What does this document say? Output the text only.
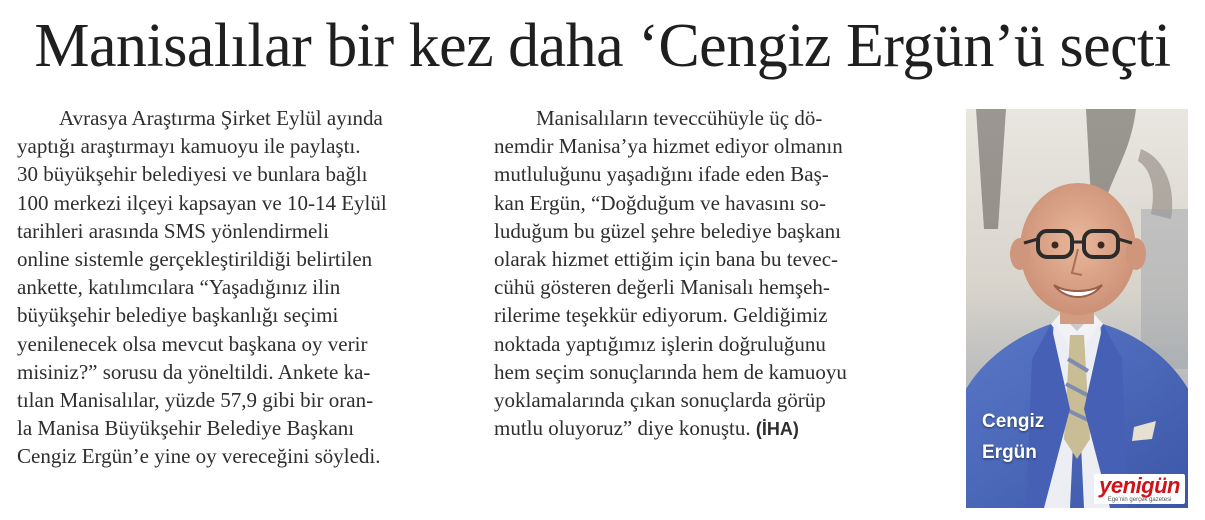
Manisalılar bir kez daha ‘Cengiz Ergün’ü seçti
Avrasya Araştırma Şirket Eylül ayında
yaptığı araştırmayı kamuoyu ile paylaştı.
30 büyükşehir belediyesi ve bunlara bağlı
100 merkezi ilçeyi kapsayan ve 10-14 Eylül
tarihleri arasında SMS yönlendirmeli
online sistemle gerçekleştirildiği belirtilen
ankette, katılımcılara “Yaşadığınız ilin
büyükşehir belediye başkanlığı seçimi
yenilenecek olsa mevcut başkana oy verir
misiniz?” sorusu da yöneltildi. Ankete ka-
tılan Manisalılar, yüzde 57,9 gibi bir oran-
la Manisa Büyükşehir Belediye Başkanı
Cengiz Ergün’e yine oy vereceğini söyledi.
Manisalıların teveccühüyle üç dö-
nemdir Manisa’ya hizmet ediyor olmanın
mutluluğunu yaşadığını ifade eden Baş-
kan Ergün, “Doğduğum ve havasını so-
luduğum bu güzel şehre belediye başkanı
olarak hizmet ettiğim için bana bu tevec-
cühü gösteren değerli Manisalı hemşeh-
rilerime teşekkür ediyorum. Geldiğimiz
noktada yaptığımız işlerin doğruluğunu
hem seçim sonuçlarında hem de kamuoyu
yoklamalarında çıkan sonuçlarda görüp
mutlu oluyoruz” diye konuştu. (İHA)	Cengiz
Ergün
yenigün
Ege’nin gerçek gazetesi
